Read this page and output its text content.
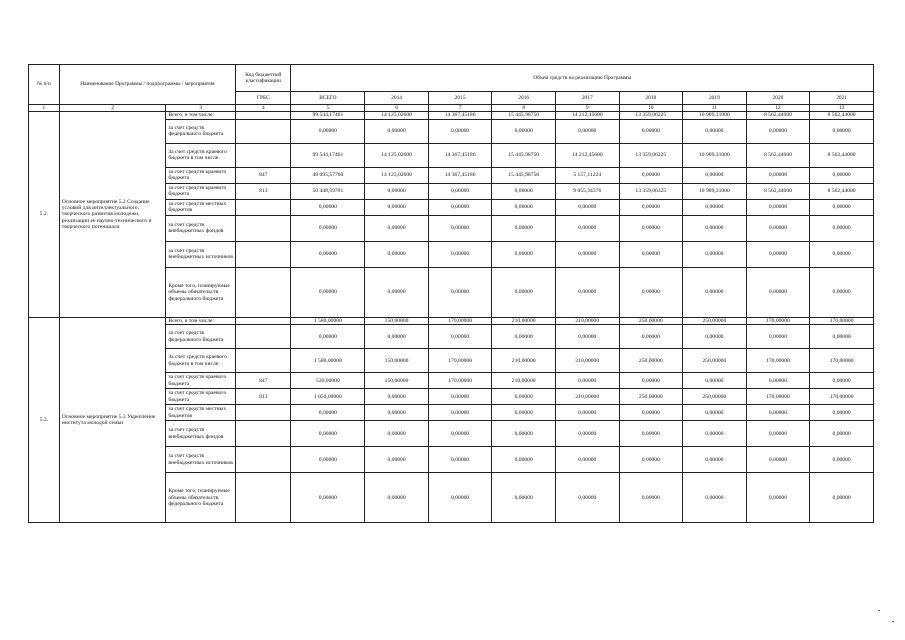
№ п/п	Наименование Программы / подпрограммы / мероприятия		Код бюджетной классификации	Объем средств на реализацию Программы								
			ГРБС	ВСЕГО	2014	2015	2016	2017	2018	2019	2020	2021
1	2	3	4	5	6	7	8	9	10	11	12	13
5.2.	Основное мероприятие 5.2 Создание условий для интеллектуального, творческого развития молодежи, реализации ее научно-технического и творческого потенциала	Всего, в том числе:		99 544,17461	14 125,02600	14 367,45186	15 445,98750	14 212,45600	13 359,06325	10 909,31000	8 562,44000	8 562,44000
		за счет средств федерального бюджета		0,00000	0,00000	0,00000	0,00000	0,00000	0,00000	0,00000	0,00000	0,00000
		За счет средств краевого бюджета в том числе:		99 544,17461	14 125,02600	14 367,45186	15 445,98750	14 212,45600	13 359,06325	10 909,31000	8 562,44000	8 562,44000
		за счет средств краевого бюджета	847	49 095,57760	14 125,02600	14 367,45186	15 445,98750	5 157,11224	0,00000	0,00000	0,00000	0,00000
		за счет средств краевого бюджета	813	50 448,59701	0,00000	0,00000	0,00000	9 055,34376	13 359,06325	10 909,31000	8 562,44000	8 562,44000
		за счет средств местных бюджетов		0,00000	0,00000	0,00000	0,00000	0,00000	0,00000	0,00000	0,00000	0,00000
		за счет средств внебюджетных фондов		0,00000	0,00000	0,00000	0,00000	0,00000	0,00000	0,00000	0,00000	0,00000
		за счет средств внебюджетных источников		0,00000	0,00000	0,00000	0,00000	0,00000	0,00000	0,00000	0,00000	0,00000
		Кроме того, планируемые объемы обязательств федерального бюджета		0,00000	0,00000	0,00000	0,00000	0,00000	0,00000	0,00000	0,00000	0,00000
5.3.	Основное мероприятие 5.3 Укрепление института молодой семьи	Всего, в том числе:		1 580,00000	150,00000	170,00000	210,00000	210,00000	250,00000	250,00000	170,00000	170,00000
		за счет средств федерального бюджета		0,00000	0,00000	0,00000	0,00000	0,00000	0,00000	0,00000	0,00000	0,00000
		За счет средств краевого бюджета в том числе:		1 580,00000	150,00000	170,00000	210,00000	210,00000	250,00000	250,00000	170,00000	170,00000
		за счет средств краевого бюджета	847	530,00000	150,00000	170,00000	210,00000	0,00000	0,00000	0,00000	0,00000	0,00000
		за счет средств краевого бюджета	813	1 050,00000	0,00000	0,00000	0,00000	210,00000	250,00000	250,00000	170,00000	170,00000
		за счет средств местных бюджетов		0,00000	0,00000	0,00000	0,00000	0,00000	0,00000	0,00000	0,00000	0,00000
		за счет средств внебюджетных фондов		0,00000	0,00000	0,00000	0,00000	0,00000	0,00000	0,00000	0,00000	0,00000
		за счет средств внебюджетных источников		0,00000	0,00000	0,00000	0,00000	0,00000	0,00000	0,00000	0,00000	0,00000
		Кроме того, планируемые объемы обязательств федерального бюджета		0,00000	0,00000	0,00000	0,00000	0,00000	0,00000	0,00000	0,00000	0,00000
